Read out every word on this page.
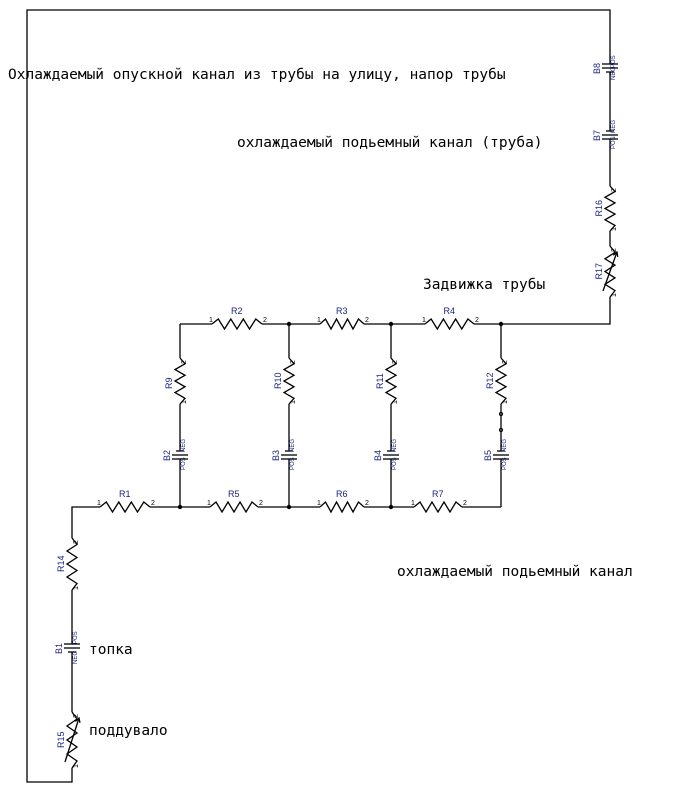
R1
1	2
R5
1	2
R6
1	2
R7
1	2
R2
1	2
R3
1	2
R4
1	2
R9
2
1
R10
2
1
R11
2
1
R12
2
1
R14
2
1
R16
2
1
R15
2
1
R17
2
1
B2
POS
NEG
B3
POS
NEG
B4
POS
NEG
B5
POS
NEG
B1
POS
NEG
B7
POS
NEG
B8
POS
NEG
Охлаждаемый опускной канал из трубы на улицу, напор трубы
охлаждаемый подьемный канал (труба)
Задвижка трубы
охлаждаемый подьемный канал
топка
поддувало
